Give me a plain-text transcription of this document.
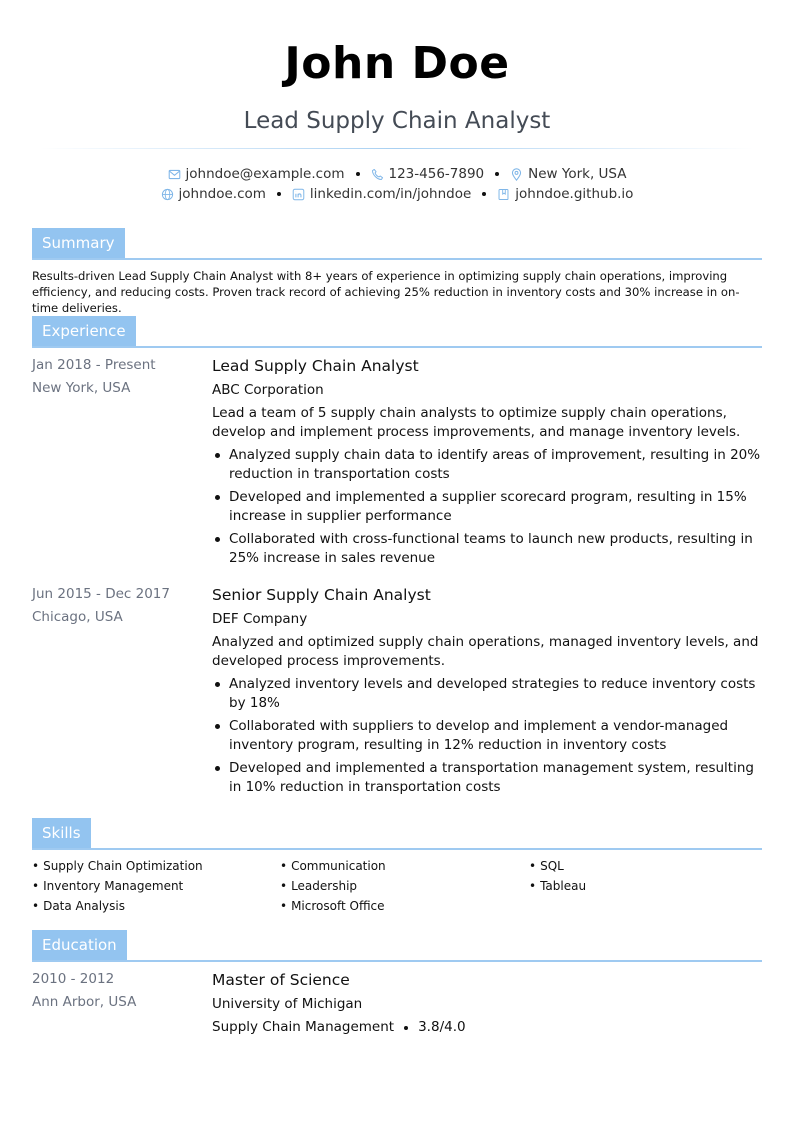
John Doe
Lead Supply Chain Analyst
johndoe@example.com	123-456-7890	New York, USA
johndoe.com	linkedin.com/in/johndoe	johndoe.github.io
Summary
Results-driven Lead Supply Chain Analyst with 8+ years of experience in optimizing supply chain operations, improving efficiency, and reducing costs. Proven track record of achieving 25% reduction in inventory costs and 30% increase in on-time deliveries.
Experience
Jan 2018 - Present
New York, USA
Lead Supply Chain Analyst
ABC Corporation
Lead a team of 5 supply chain analysts to optimize supply chain operations, develop and implement process improvements, and manage inventory levels.
Analyzed supply chain data to identify areas of improvement, resulting in 20% reduction in transportation costs
Developed and implemented a supplier scorecard program, resulting in 15% increase in supplier performance
Collaborated with cross-functional teams to launch new products, resulting in 25% increase in sales revenue
Jun 2015 - Dec 2017
Chicago, USA
Senior Supply Chain Analyst
DEF Company
Analyzed and optimized supply chain operations, managed inventory levels, and developed process improvements.
Analyzed inventory levels and developed strategies to reduce inventory costs by 18%
Collaborated with suppliers to develop and implement a vendor-managed inventory program, resulting in 12% reduction in inventory costs
Developed and implemented a transportation management system, resulting in 10% reduction in transportation costs
Skills
• Supply Chain Optimization
• Inventory Management
• Data Analysis
• Communication
• Leadership
• Microsoft Office
• SQL
• Tableau
Education
2010 - 2012
Ann Arbor, USA
Master of Science
University of Michigan
Supply Chain Management 3.8/4.0
